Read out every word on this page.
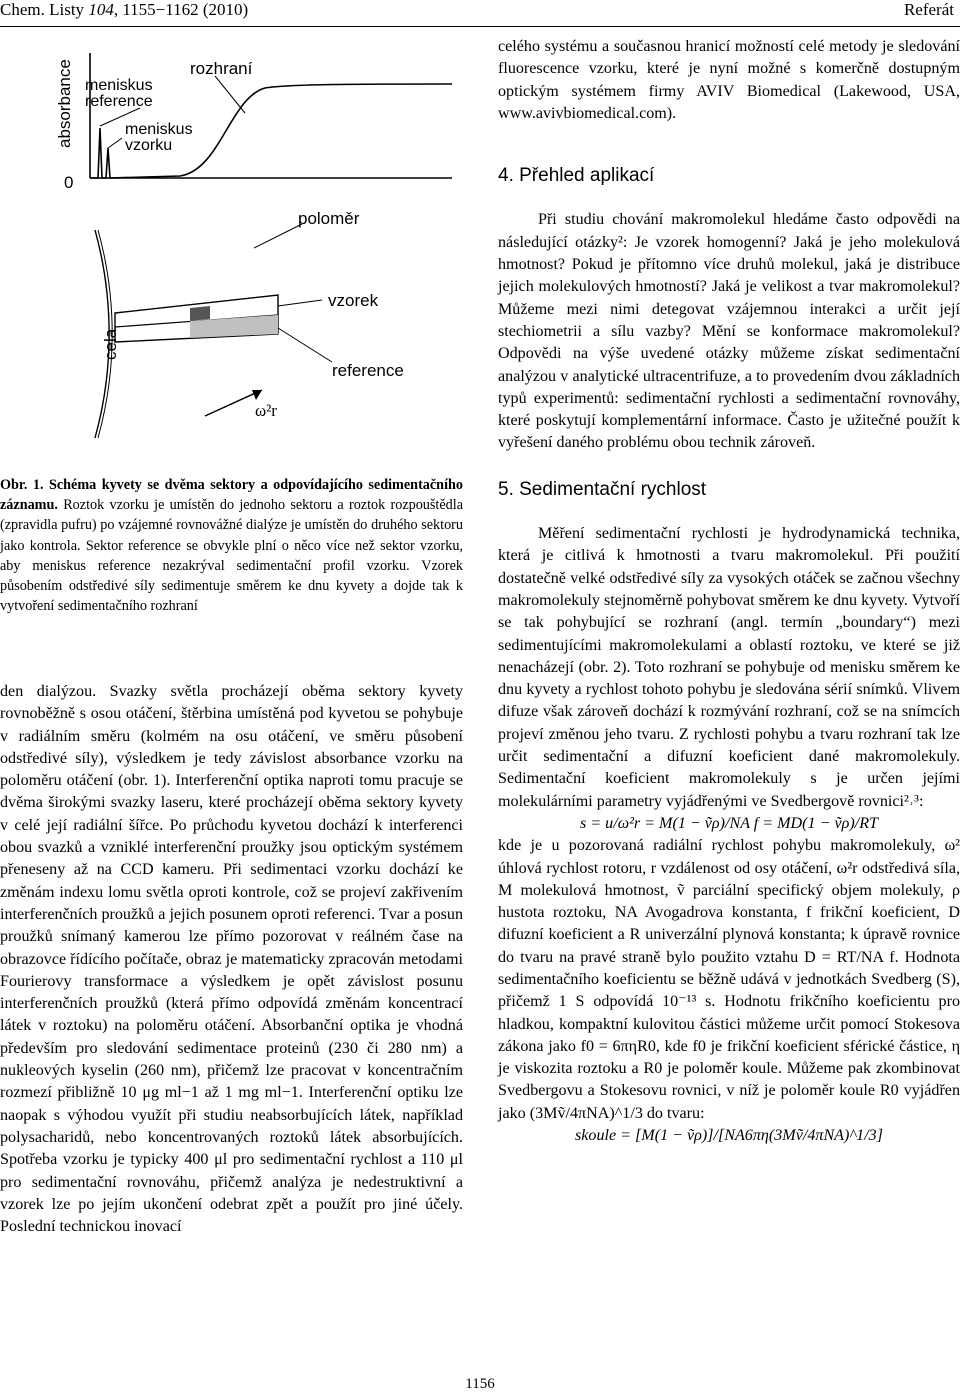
Chem. Listy 104, 1155−1162 (2010)	Referát
absorbance
0
rozhraní
meniskus
reference
meniskus
vzorku
poloměr
vzorek
reference
cela
ω²r
Obr. 1. Schéma kyvety se dvěma sektory a odpovídajícího sedimentačního záznamu. Roztok vzorku je umístěn do jednoho sektoru a roztok rozpouštědla (zpravidla pufru) po vzájemné rovnovážné dialýze je umístěn do druhého sektoru jako kontrola. Sektor reference se obvykle plní o něco více než sektor vzorku, aby meniskus reference nezakrýval sedimentační profil vzorku. Vzorek působením odstředivé síly sedimentuje směrem ke dnu kyvety a dojde tak k vytvoření sedimentačního rozhraní

den dialýzou. Svazky světla procházejí oběma sektory kyvety rovnoběžně s osou otáčení, štěrbina umístěná pod kyvetou se pohybuje v radiálním směru (kolmém na osu otáčení, ve směru působení odstředivé síly), výsledkem je tedy závislost absorbance vzorku na poloměru otáčení (obr. 1). Interferenční optika naproti tomu pracuje se dvěma širokými svazky laseru, které procházejí oběma sektory kyvety v celé její radiální šířce. Po průchodu kyvetou dochází k interferenci obou svazků a vzniklé interferenční proužky jsou optickým systémem přeneseny až na CCD kameru. Při sedimentaci vzorku dochází ke změnám indexu lomu světla oproti kontrole, což se projeví zakřivením interferenčních proužků a jejich posunem oproti referenci. Tvar a posun proužků snímaný kamerou lze přímo pozorovat v reálném čase na obrazovce řídícího počítače, obraz je matematicky zpracován metodami Fourierovy transformace a výsledkem je opět závislost posunu interferenčních proužků (která přímo odpovídá změnám koncentrací látek v roztoku) na poloměru otáčení. Absorbanční optika je vhodná především pro sledování sedimentace proteinů (230 či 280 nm) a nukleových kyselin (260 nm), přičemž lze pracovat v koncentračním rozmezí přibližně 10 μg ml−1 až 1 mg ml−1. Interferenční optiku lze naopak s výhodou využít při studiu neabsorbujících látek, například polysacharidů, nebo koncentrovaných roztoků látek absorbujících. Spotřeba vzorku je typicky 400 μl pro sedimentační rychlost a 110 μl pro sedimentační rovnováhu, přičemž analýza je nedestruktivní a vzorek lze po jejím ukončení odebrat zpět a použít pro jiné účely. Poslední technickou inovací

celého systému a současnou hranicí možností celé metody je sledování fluorescence vzorku, které je nyní možné s komerčně dostupným optickým systémem firmy AVIV Biomedical (Lakewood, USA, www.avivbiomedical.com).

4. Přehled aplikací

Při studiu chování makromolekul hledáme často odpovědi na následující otázky²: Je vzorek homogenní? Jaká je jeho molekulová hmotnost? Pokud je přítomno více druhů molekul, jaká je distribuce jejich molekulových hmotností? Jaká je velikost a tvar makromolekul? Můžeme mezi nimi detegovat vzájemnou interakci a určit její stechiometrii a sílu vazby? Mění se konformace makromolekul? Odpovědi na výše uvedené otázky můžeme získat sedimentační analýzou v analytické ultracentrifuze, a to provedením dvou základních typů experimentů: sedimentační rychlosti a sedimentační rovnováhy, které poskytují komplementární informace. Často je užitečné použít k vyřešení daného problému obou technik zároveň.

5. Sedimentační rychlost

Měření sedimentační rychlosti je hydrodynamická technika, která je citlivá k hmotnosti a tvaru makromolekul. Při použití dostatečně velké odstředivé síly za vysokých otáček se začnou všechny makromolekuly stejnoměrně pohybovat směrem ke dnu kyvety. Vytvoří se tak pohybující se rozhraní (angl. termín „boundary“) mezi sedimentujícími makromolekulami a oblastí roztoku, ve které se již nenacházejí (obr. 2). Toto rozhraní se pohybuje od menisku směrem ke dnu kyvety a rychlost tohoto pohybu je sledována sérií snímků. Vlivem difuze však zároveň dochází k rozmývání rozhraní, což se na snímcích projeví změnou jeho tvaru. Z rychlosti pohybu a tvaru rozhraní tak lze určit sedimentační a difuzní koeficient dané makromolekuly. Sedimentační koeficient makromolekuly s je určen jejími molekulárními parametry vyjádřenými ve Svedbergově rovnici²˒³:

s = u/ω²r = M(1 − ṽρ)/NA f = MD(1 − ṽρ)/RT

kde je u pozorovaná radiální rychlost pohybu makromolekuly, ω² úhlová rychlost rotoru, r vzdálenost od osy otáčení, ω²r odstředivá síla, M molekulová hmotnost, ṽ parciální specifický objem molekuly, ρ hustota roztoku, NA Avogadrova konstanta, f frikční koeficient, D difuzní koeficient a R univerzální plynová konstanta; k úpravě rovnice do tvaru na pravé straně bylo použito vztahu D = RT/NA f. Hodnota sedimentačního koeficientu se běžně udává v jednotkách Svedberg (S), přičemž 1 S odpovídá 10⁻¹³ s. Hodnotu frikčního koeficientu pro hladkou, kompaktní kulovitou částici můžeme určit pomocí Stokesova zákona jako f0 = 6πηR0, kde f0 je frikční koeficient sférické částice, η je viskozita roztoku a R0 je poloměr koule. Můžeme pak zkombinovat Svedbergovu a Stokesovu rovnici, v níž je poloměr koule R0 vyjádřen jako (3Mṽ/4πNA)^1/3 do tvaru:

skoule = [M(1 − ṽρ)]/[NA6πη(3Mṽ/4πNA)^1/3]

1156
